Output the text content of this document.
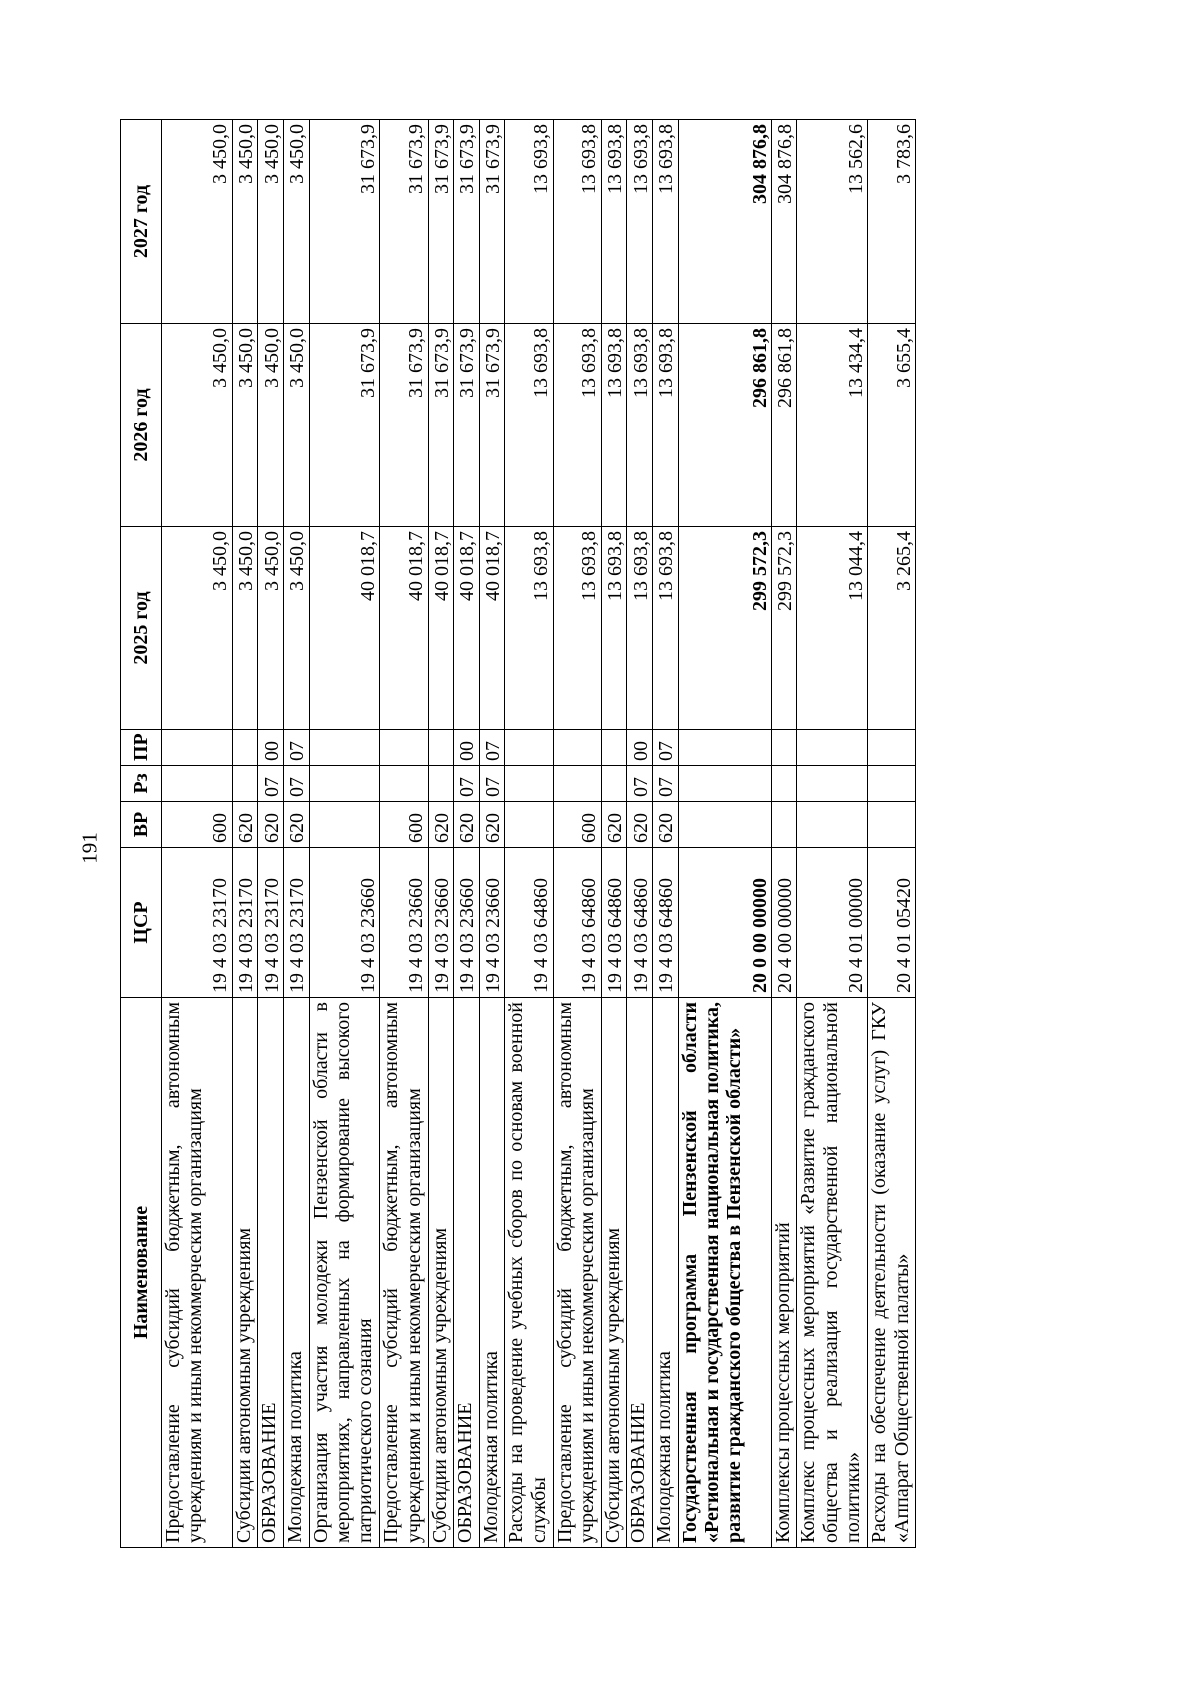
191
Наименование	ЦСР	ВР	Рз	ПР	2025 год	2026 год	2027 год
Предоставление субсидий бюджетным, автономным учреждениям и иным некоммерческим организациям	19 4 03 23170	600			3 450,0	3 450,0	3 450,0
Субсидии автономным учреждениям	19 4 03 23170	620			3 450,0	3 450,0	3 450,0
ОБРАЗОВАНИЕ	19 4 03 23170	620	07	00	3 450,0	3 450,0	3 450,0
Молодежная политика	19 4 03 23170	620	07	07	3 450,0	3 450,0	3 450,0
Организация участия молодежи Пензенской области в мероприятиях, направленных на формирование высокого патриотического сознания	19 4 03 23660				40 018,7	31 673,9	31 673,9
Предоставление субсидий бюджетным, автономным учреждениям и иным некоммерческим организациям	19 4 03 23660	600			40 018,7	31 673,9	31 673,9
Субсидии автономным учреждениям	19 4 03 23660	620			40 018,7	31 673,9	31 673,9
ОБРАЗОВАНИЕ	19 4 03 23660	620	07	00	40 018,7	31 673,9	31 673,9
Молодежная политика	19 4 03 23660	620	07	07	40 018,7	31 673,9	31 673,9
Расходы на проведение учебных сборов по основам военной службы	19 4 03 64860				13 693,8	13 693,8	13 693,8
Предоставление субсидий бюджетным, автономным учреждениям и иным некоммерческим организациям	19 4 03 64860	600			13 693,8	13 693,8	13 693,8
Субсидии автономным учреждениям	19 4 03 64860	620			13 693,8	13 693,8	13 693,8
ОБРАЗОВАНИЕ	19 4 03 64860	620	07	00	13 693,8	13 693,8	13 693,8
Молодежная политика	19 4 03 64860	620	07	07	13 693,8	13 693,8	13 693,8
Государственная программа Пензенской области «Региональная и государственная национальная политика, развитие гражданского общества в Пензенской области»	20 0 00 00000				299 572,3	296 861,8	304 876,8
Комплексы процессных мероприятий	20 4 00 00000				299 572,3	296 861,8	304 876,8
Комплекс процессных мероприятий «Развитие гражданского общества и реализация государственной национальной политики»	20 4 01 00000				13 044,4	13 434,4	13 562,6
Расходы на обеспечение деятельности (оказание услуг) ГКУ «Аппарат Общественной палаты»	20 4 01 05420				3 265,4	3 655,4	3 783,6
